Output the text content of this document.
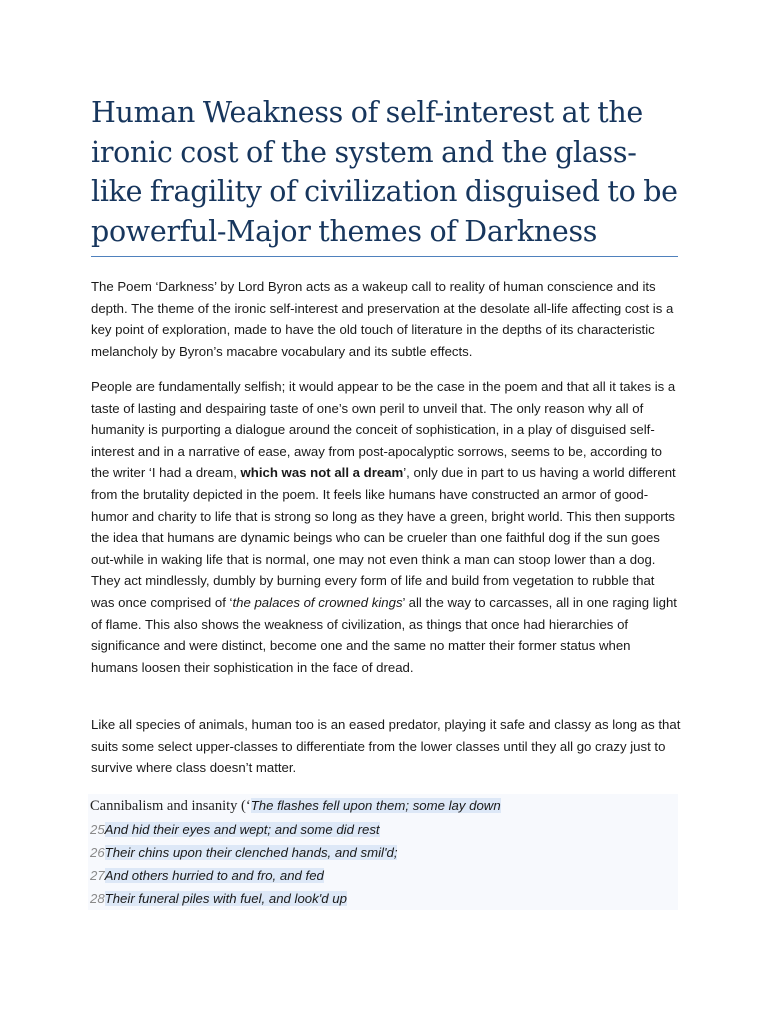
Human Weakness of self-interest at the ironic cost of the system and the glass-like fragility of civilization disguised to be powerful-Major themes of Darkness

The Poem ‘Darkness’ by Lord Byron acts as a wakeup call to reality of human conscience and its depth. The theme of the ironic self-interest and preservation at the desolate all-life affecting cost is a key point of exploration, made to have the old touch of literature in the depths of its characteristic melancholy by Byron’s macabre vocabulary and its subtle effects.

People are fundamentally selfish; it would appear to be the case in the poem and that all it takes is a taste of lasting and despairing taste of one’s own peril to unveil that. The only reason why all of humanity is purporting a dialogue around the conceit of sophistication, in a play of disguised self-interest and in a narrative of ease, away from post-apocalyptic sorrows, seems to be, according to the writer ‘I had a dream, which was not all a dream’, only due in part to us having a world different from the brutality depicted in the poem. It feels like humans have constructed an armor of good-humor and charity to life that is strong so long as they have a green, bright world. This then supports the idea that humans are dynamic beings who can be crueler than one faithful dog if the sun goes out-while in waking life that is normal, one may not even think a man can stoop lower than a dog. They act mindlessly, dumbly by burning every form of life and build from vegetation to rubble that was once comprised of ‘the palaces of crowned kings’ all the way to carcasses, all in one raging light of flame. This also shows the weakness of civilization, as things that once had hierarchies of significance and were distinct, become one and the same no matter their former status when humans loosen their sophistication in the face of dread.

Like all species of animals, human too is an eased predator, playing it safe and classy as long as that suits some select upper-classes to differentiate from the lower classes until they all go crazy just to survive where class doesn’t matter.

Cannibalism and insanity (‘The flashes fell upon them; some lay down
25And hid their eyes and wept; and some did rest
26Their chins upon their clenched hands, and smil'd;
27And others hurried to and fro, and fed
28Their funeral piles with fuel, and look'd up
